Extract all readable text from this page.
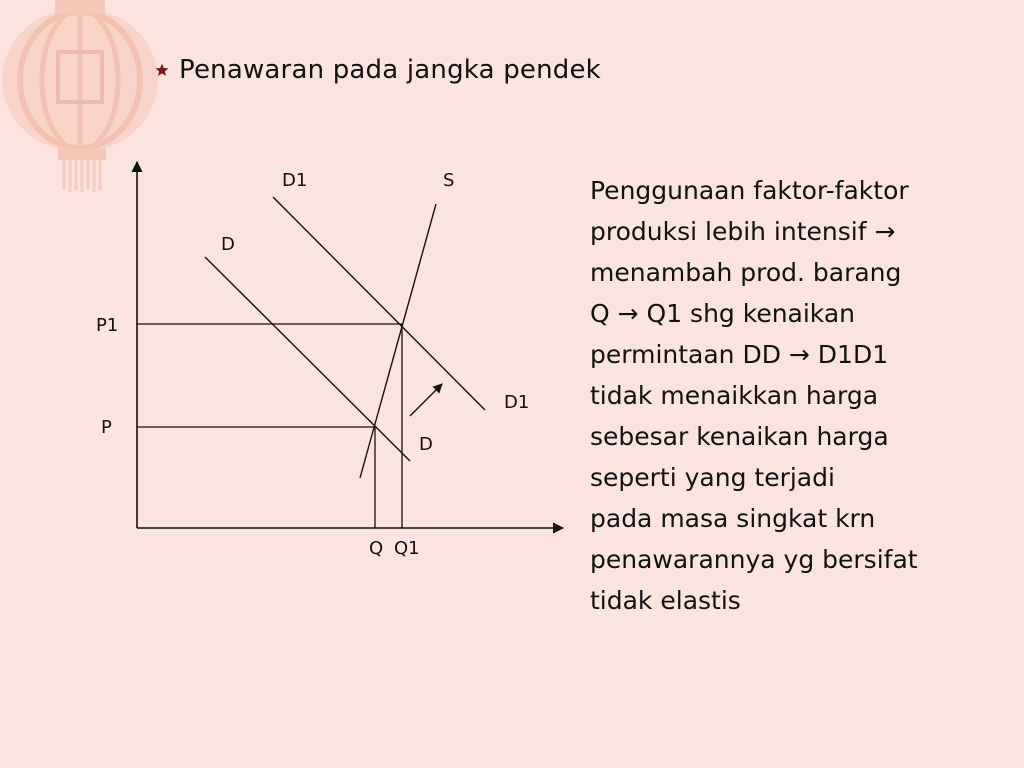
Penawaran pada jangka pendek
D1	S
D
D1
D
P1
P
Q Q1

Penggunaan faktor-faktor

produksi lebih intensif →

menambah prod. barang

Q → Q1 shg kenaikan

permintaan DD → D1D1

tidak menaikkan harga

sebesar kenaikan harga

seperti yang terjadi

pada masa singkat krn

penawarannya yg bersifat

tidak elastis
